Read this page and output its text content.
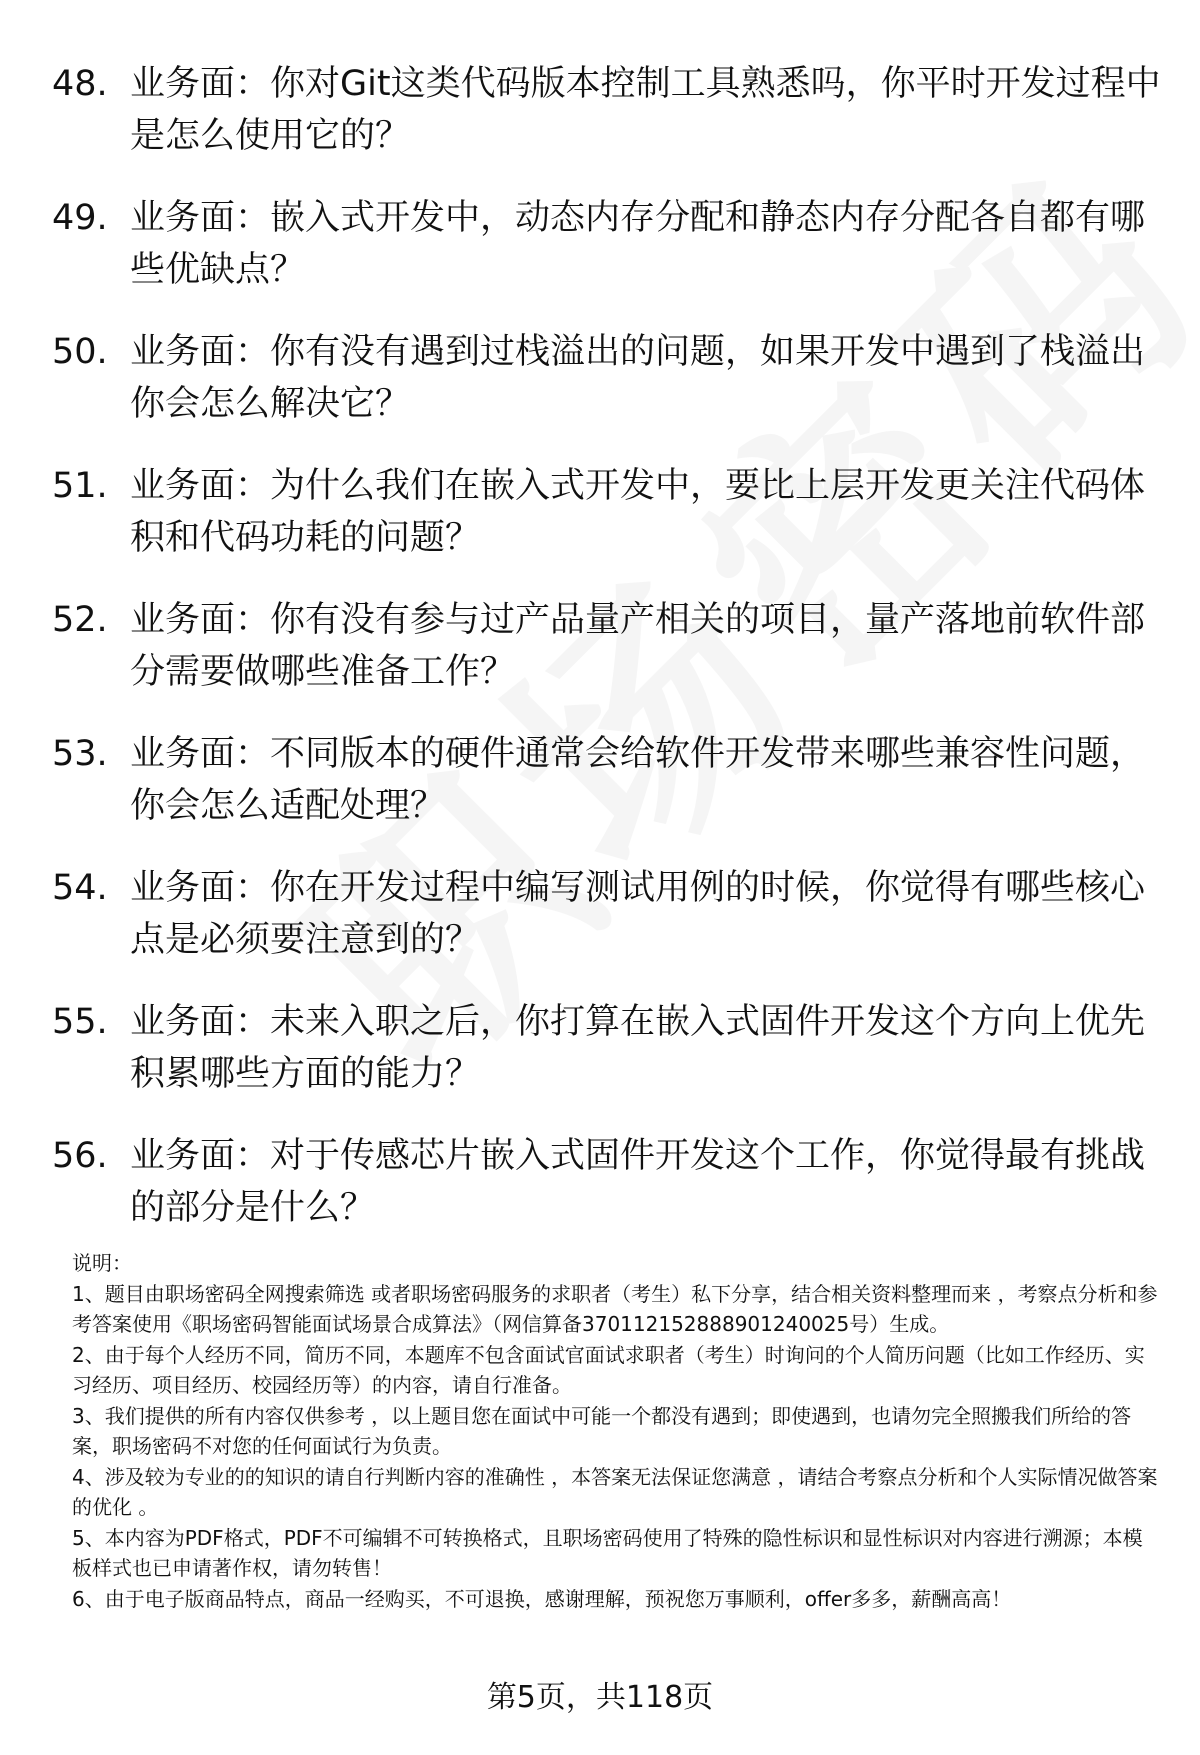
48. 业务面：你对Git这类代码版本控制工具熟悉吗，你平时开发过程中是怎么使用它的？
49. 业务面：嵌入式开发中，动态内存分配和静态内存分配各自都有哪些优缺点？
50. 业务面：你有没有遇到过栈溢出的问题，如果开发中遇到了栈溢出你会怎么解决它？
51. 业务面：为什么我们在嵌入式开发中，要比上层开发更关注代码体积和代码功耗的问题？
52. 业务面：你有没有参与过产品量产相关的项目，量产落地前软件部分需要做哪些准备工作？
53. 业务面：不同版本的硬件通常会给软件开发带来哪些兼容性问题，你会怎么适配处理？
54. 业务面：你在开发过程中编写测试用例的时候，你觉得有哪些核心点是必须要注意到的？
55. 业务面：未来入职之后，你打算在嵌入式固件开发这个方向上优先积累哪些方面的能力？
56. 业务面：对于传感芯片嵌入式固件开发这个工作，你觉得最有挑战的部分是什么？
说明：
1、题目由职场密码全网搜索筛选 或者职场密码服务的求职者（考生）私下分享，结合相关资料整理而来 ，考察点分析和参考答案使用《职场密码智能面试场景合成算法》（网信算备370112152888901240025号）生成。
2、由于每个人经历不同，简历不同，本题库不包含面试官面试求职者（考生）时询问的个人简历问题（比如工作经历、实习经历、项目经历、校园经历等）的内容，请自行准备。
3、我们提供的所有内容仅供参考 ，以上题目您在面试中可能一个都没有遇到；即使遇到，也请勿完全照搬我们所给的答案，职场密码不对您的任何面试行为负责。
4、涉及较为专业的的知识的请自行判断内容的准确性 ，本答案无法保证您满意 ，请结合考察点分析和个人实际情况做答案的优化 。
5、本内容为PDF格式，PDF不可编辑不可转换格式，且职场密码使用了特殊的隐性标识和显性标识对内容进行溯源；本模板样式也已申请著作权，请勿转售！
6、由于电子版商品特点，商品一经购买，不可退换，感谢理解，预祝您万事顺利，offer多多，薪酬高高！
第5页，共118页
